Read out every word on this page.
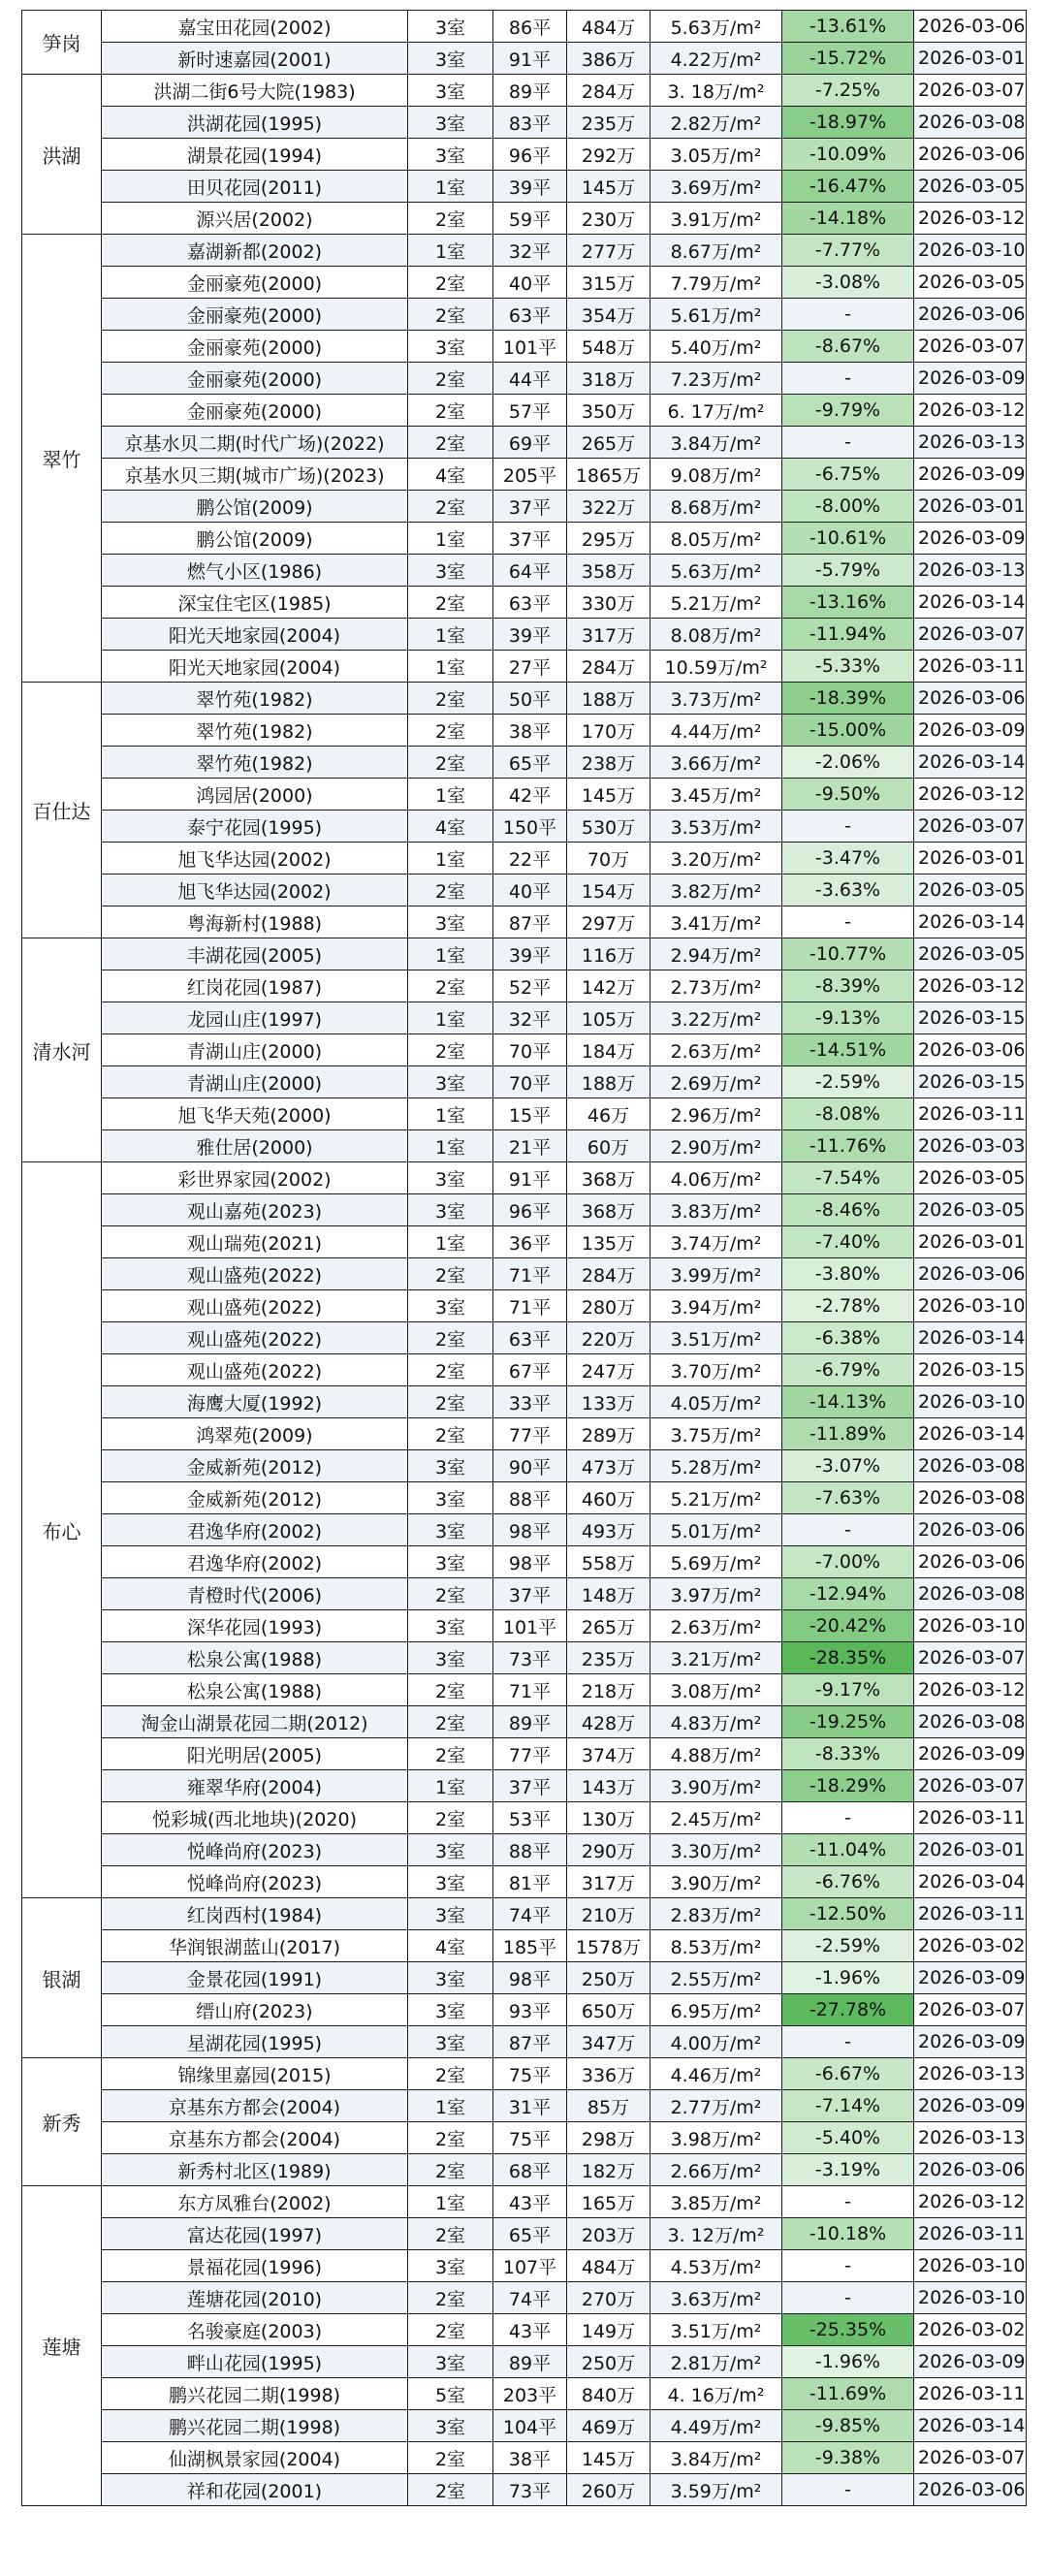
笋岗	嘉宝田花园(2002)	3室	86平	484万	5.63万/m²	-13.61%	2026-03-06
	新时速嘉园(2001)	3室	91平	386万	4.22万/m²	-15.72%	2026-03-01
洪湖	洪湖二街6号大院(1983)	3室	89平	284万	3. 18万/m²	-7.25%	2026-03-07
	洪湖花园(1995)	3室	83平	235万	2.82万/m²	-18.97%	2026-03-08
	湖景花园(1994)	3室	96平	292万	3.05万/m²	-10.09%	2026-03-06
	田贝花园(2011)	1室	39平	145万	3.69万/m²	-16.47%	2026-03-05
	源兴居(2002)	2室	59平	230万	3.91万/m²	-14.18%	2026-03-12
翠竹	嘉湖新都(2002)	1室	32平	277万	8.67万/m²	-7.77%	2026-03-10
	金丽豪苑(2000)	2室	40平	315万	7.79万/m²	-3.08%	2026-03-05
	金丽豪苑(2000)	2室	63平	354万	5.61万/m²	-	2026-03-06
	金丽豪苑(2000)	3室	101平	548万	5.40万/m²	-8.67%	2026-03-07
	金丽豪苑(2000)	2室	44平	318万	7.23万/m²	-	2026-03-09
	金丽豪苑(2000)	2室	57平	350万	6. 17万/m²	-9.79%	2026-03-12
	京基水贝二期(时代广场)(2022)	2室	69平	265万	3.84万/m²	-	2026-03-13
	京基水贝三期(城市广场)(2023)	4室	205平	1865万	9.08万/m²	-6.75%	2026-03-09
	鹏公馆(2009)	2室	37平	322万	8.68万/m²	-8.00%	2026-03-01
	鹏公馆(2009)	1室	37平	295万	8.05万/m²	-10.61%	2026-03-09
	燃气小区(1986)	3室	64平	358万	5.63万/m²	-5.79%	2026-03-13
	深宝住宅区(1985)	2室	63平	330万	5.21万/m²	-13.16%	2026-03-14
	阳光天地家园(2004)	1室	39平	317万	8.08万/m²	-11.94%	2026-03-07
	阳光天地家园(2004)	1室	27平	284万	10.59万/m²	-5.33%	2026-03-11
百仕达	翠竹苑(1982)	2室	50平	188万	3.73万/m²	-18.39%	2026-03-06
	翠竹苑(1982)	2室	38平	170万	4.44万/m²	-15.00%	2026-03-09
	翠竹苑(1982)	2室	65平	238万	3.66万/m²	-2.06%	2026-03-14
	鸿园居(2000)	1室	42平	145万	3.45万/m²	-9.50%	2026-03-12
	泰宁花园(1995)	4室	150平	530万	3.53万/m²	-	2026-03-07
	旭飞华达园(2002)	1室	22平	70万	3.20万/m²	-3.47%	2026-03-01
	旭飞华达园(2002)	2室	40平	154万	3.82万/m²	-3.63%	2026-03-05
	粤海新村(1988)	3室	87平	297万	3.41万/m²	-	2026-03-14
清水河	丰湖花园(2005)	1室	39平	116万	2.94万/m²	-10.77%	2026-03-05
	红岗花园(1987)	2室	52平	142万	2.73万/m²	-8.39%	2026-03-12
	龙园山庄(1997)	1室	32平	105万	3.22万/m²	-9.13%	2026-03-15
	青湖山庄(2000)	2室	70平	184万	2.63万/m²	-14.51%	2026-03-06
	青湖山庄(2000)	3室	70平	188万	2.69万/m²	-2.59%	2026-03-15
	旭飞华天苑(2000)	1室	15平	46万	2.96万/m²	-8.08%	2026-03-11
	雅仕居(2000)	1室	21平	60万	2.90万/m²	-11.76%	2026-03-03
布心	彩世界家园(2002)	3室	91平	368万	4.06万/m²	-7.54%	2026-03-05
	观山嘉苑(2023)	3室	96平	368万	3.83万/m²	-8.46%	2026-03-05
	观山瑞苑(2021)	1室	36平	135万	3.74万/m²	-7.40%	2026-03-01
	观山盛苑(2022)	2室	71平	284万	3.99万/m²	-3.80%	2026-03-06
	观山盛苑(2022)	3室	71平	280万	3.94万/m²	-2.78%	2026-03-10
	观山盛苑(2022)	2室	63平	220万	3.51万/m²	-6.38%	2026-03-14
	观山盛苑(2022)	2室	67平	247万	3.70万/m²	-6.79%	2026-03-15
	海鹰大厦(1992)	2室	33平	133万	4.05万/m²	-14.13%	2026-03-10
	鸿翠苑(2009)	2室	77平	289万	3.75万/m²	-11.89%	2026-03-14
	金威新苑(2012)	3室	90平	473万	5.28万/m²	-3.07%	2026-03-08
	金威新苑(2012)	3室	88平	460万	5.21万/m²	-7.63%	2026-03-08
	君逸华府(2002)	3室	98平	493万	5.01万/m²	-	2026-03-06
	君逸华府(2002)	3室	98平	558万	5.69万/m²	-7.00%	2026-03-06
	青橙时代(2006)	2室	37平	148万	3.97万/m²	-12.94%	2026-03-08
	深华花园(1993)	3室	101平	265万	2.63万/m²	-20.42%	2026-03-10
	松泉公寓(1988)	3室	73平	235万	3.21万/m²	-28.35%	2026-03-07
	松泉公寓(1988)	2室	71平	218万	3.08万/m²	-9.17%	2026-03-12
	淘金山湖景花园二期(2012)	2室	89平	428万	4.83万/m²	-19.25%	2026-03-08
	阳光明居(2005)	2室	77平	374万	4.88万/m²	-8.33%	2026-03-09
	雍翠华府(2004)	1室	37平	143万	3.90万/m²	-18.29%	2026-03-07
	悦彩城(西北地块)(2020)	2室	53平	130万	2.45万/m²	-	2026-03-11
	悦峰尚府(2023)	3室	88平	290万	3.30万/m²	-11.04%	2026-03-01
	悦峰尚府(2023)	3室	81平	317万	3.90万/m²	-6.76%	2026-03-04
银湖	红岗西村(1984)	3室	74平	210万	2.83万/m²	-12.50%	2026-03-11
	华润银湖蓝山(2017)	4室	185平	1578万	8.53万/m²	-2.59%	2026-03-02
	金景花园(1991)	3室	98平	250万	2.55万/m²	-1.96%	2026-03-09
	缙山府(2023)	3室	93平	650万	6.95万/m²	-27.78%	2026-03-07
	星湖花园(1995)	3室	87平	347万	4.00万/m²	-	2026-03-09
新秀	锦缘里嘉园(2015)	2室	75平	336万	4.46万/m²	-6.67%	2026-03-13
	京基东方都会(2004)	1室	31平	85万	2.77万/m²	-7.14%	2026-03-09
	京基东方都会(2004)	2室	75平	298万	3.98万/m²	-5.40%	2026-03-13
	新秀村北区(1989)	2室	68平	182万	2.66万/m²	-3.19%	2026-03-06
莲塘	东方凤雅台(2002)	1室	43平	165万	3.85万/m²	-	2026-03-12
	富达花园(1997)	2室	65平	203万	3. 12万/m²	-10.18%	2026-03-11
	景福花园(1996)	3室	107平	484万	4.53万/m²	-	2026-03-10
	莲塘花园(2010)	2室	74平	270万	3.63万/m²	-	2026-03-10
	名骏豪庭(2003)	2室	43平	149万	3.51万/m²	-25.35%	2026-03-02
	畔山花园(1995)	3室	89平	250万	2.81万/m²	-1.96%	2026-03-09
	鹏兴花园二期(1998)	5室	203平	840万	4. 16万/m²	-11.69%	2026-03-11
	鹏兴花园二期(1998)	3室	104平	469万	4.49万/m²	-9.85%	2026-03-14
	仙湖枫景家园(2004)	2室	38平	145万	3.84万/m²	-9.38%	2026-03-07
	祥和花园(2001)	2室	73平	260万	3.59万/m²	-	2026-03-06
